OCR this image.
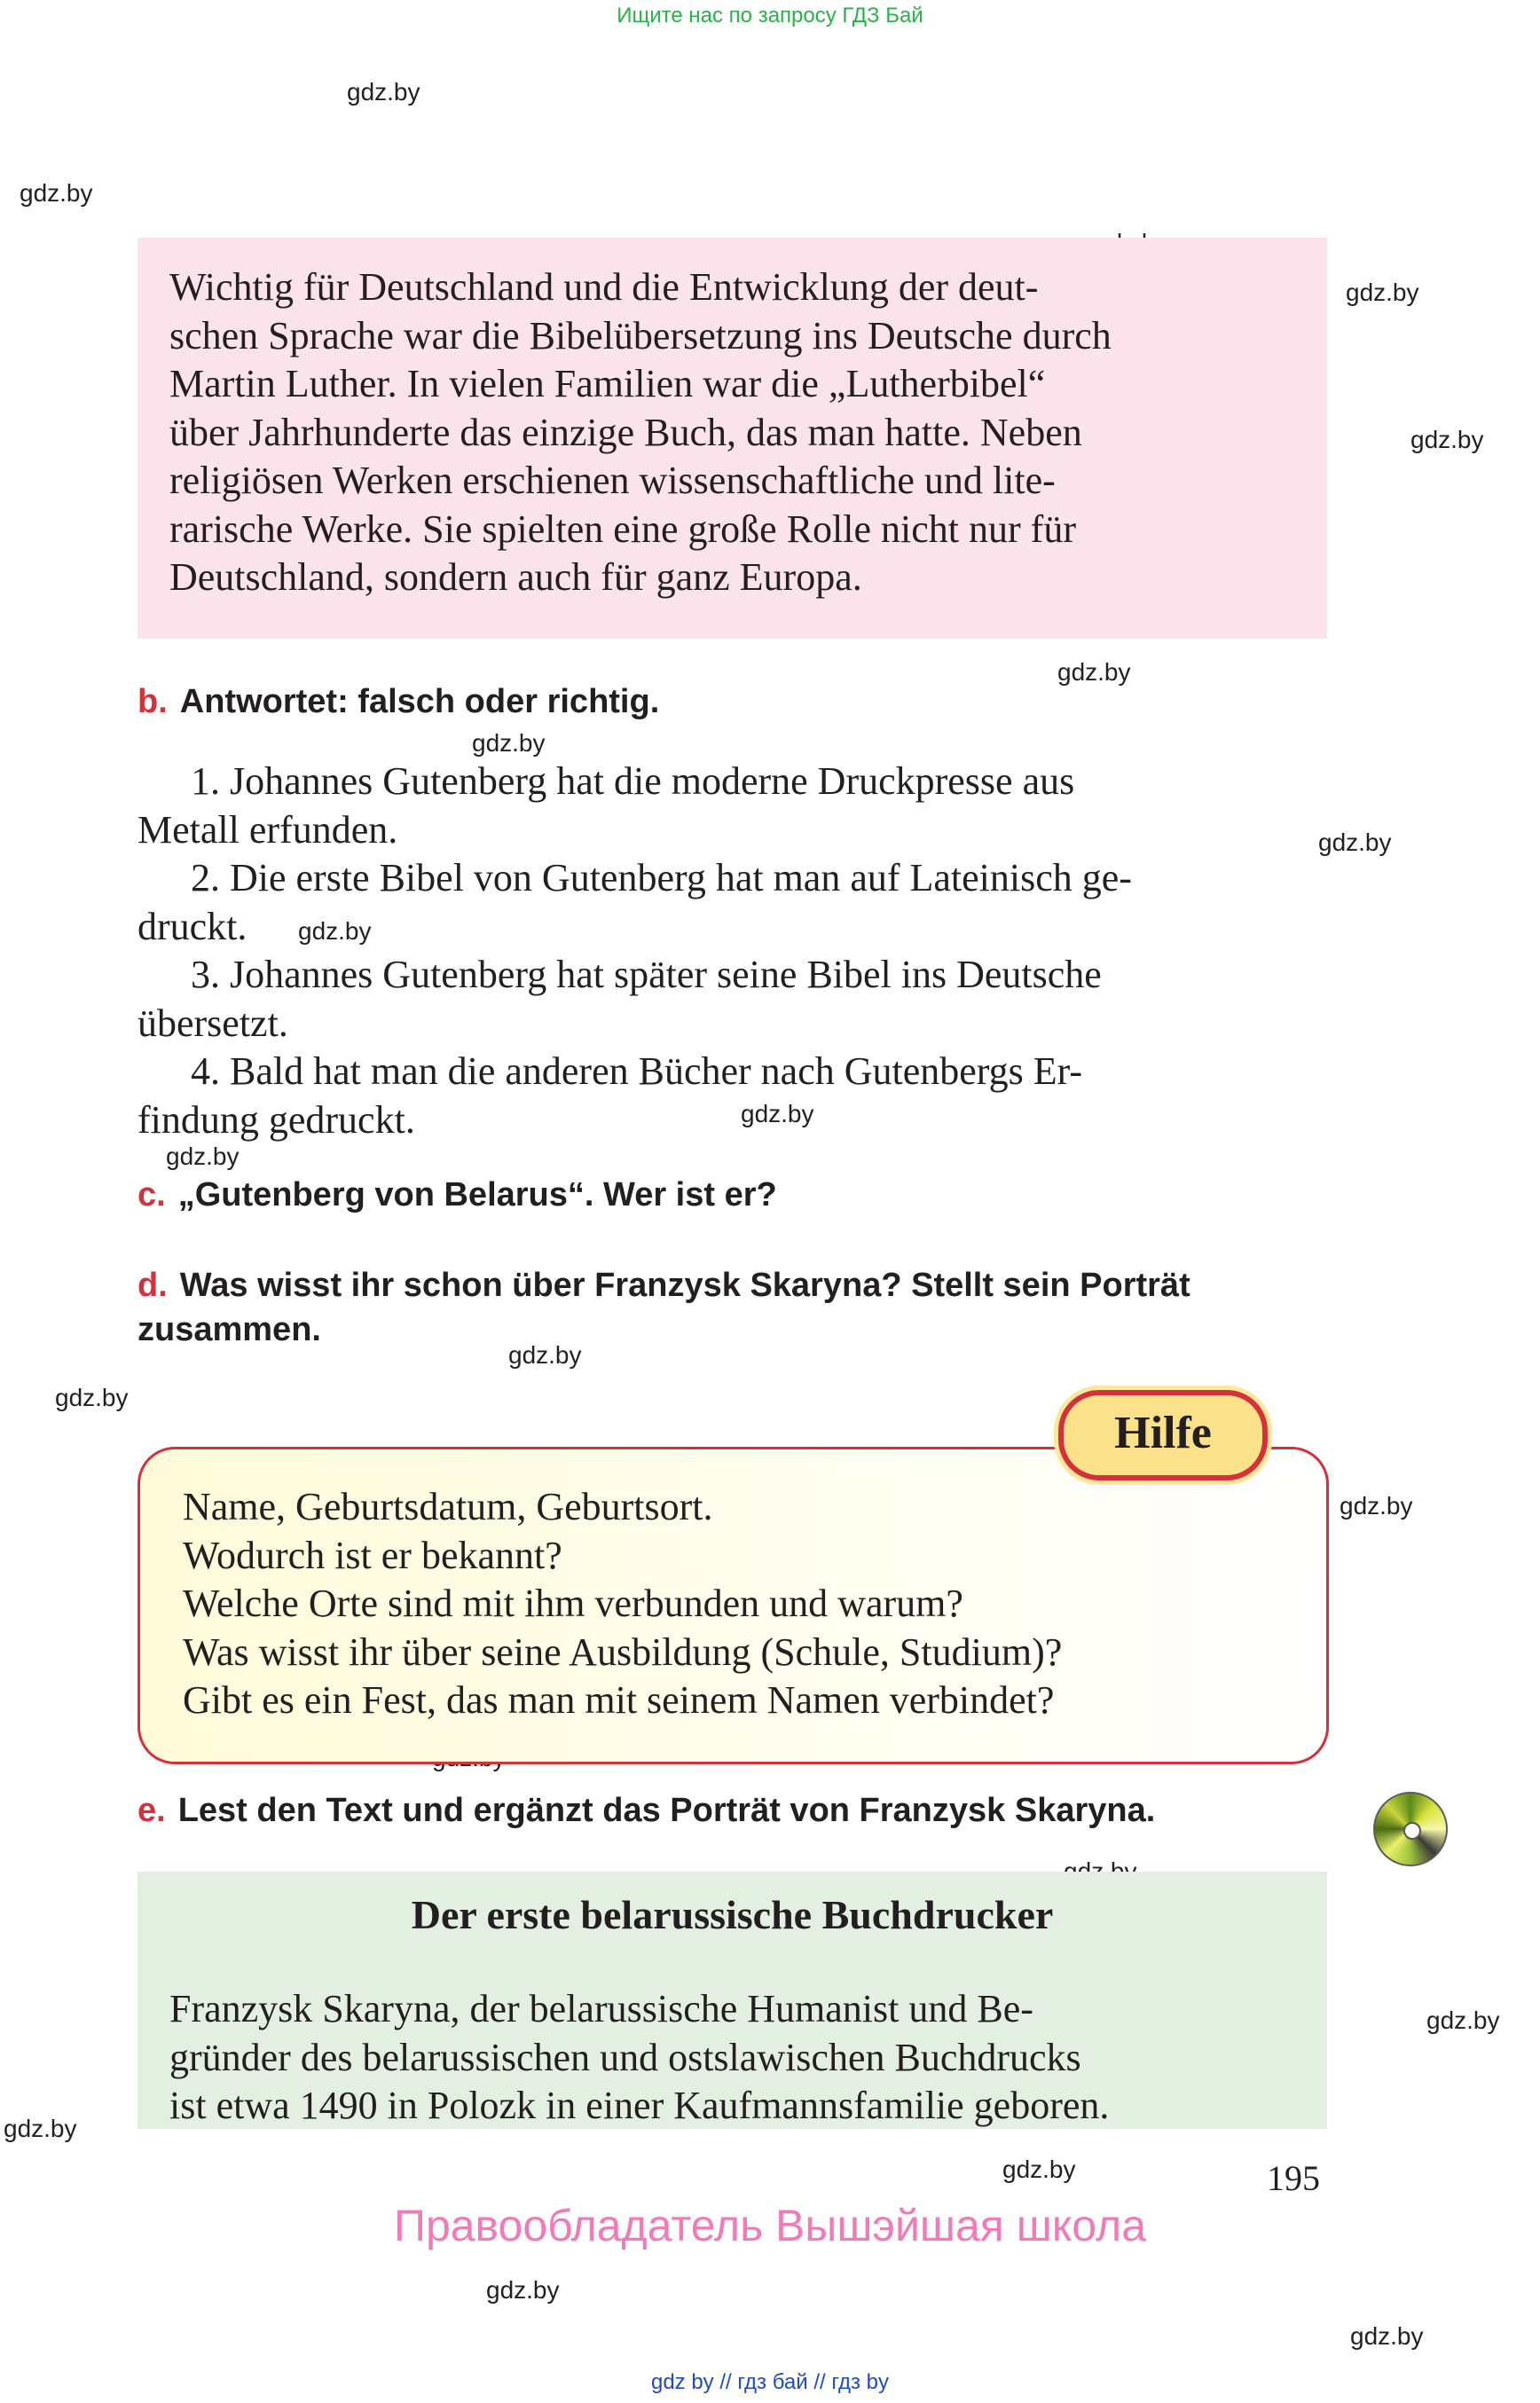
Ищите нас по запросу ГДЗ Бай
gdz.by
gdz.by
gdz.by
gdz.by
gdz.by
gdz.by
gdz.by
gdz.by
gdz.by
gdz.by
gdz.by
gdz.by
gdz.by
gdz.by
gdz.by
gdz.by
gdz.by
gdz.by
Wichtig für Deutschland und die Entwicklung der deut-
schen Sprache war die Bibelübersetzung ins Deutsche durch
Martin Luther. In vielen Familien war die „Lutherbibel“
über Jahrhunderte das einzige Buch, das man hatte. Neben
religiösen Werken erschienen wissenschaftliche und lite-
rarische Werke. Sie spielten eine große Rolle nicht nur für
Deutschland, sondern auch für ganz Europa.
b. Antwortet: falsch oder richtig.
1. Johannes Gutenberg hat die moderne Druckpresse aus
Metall erfunden.
2. Die erste Bibel von Gutenberg hat man auf Lateinisch ge-
druckt.
3. Johannes Gutenberg hat später seine Bibel ins Deutsche
übersetzt.
4. Bald hat man die anderen Bücher nach Gutenbergs Er-
findung gedruckt.
c. „Gutenberg von Belarus“. Wer ist er?
d. Was wisst ihr schon über Franzysk Skaryna? Stellt sein Porträt
zusammen.
Name, Geburtsdatum, Geburtsort.
Wodurch ist er bekannt?
Welche Orte sind mit ihm verbunden und warum?
Was wisst ihr über seine Ausbildung (Schule, Studium)?
Gibt es ein Fest, das man mit seinem Namen verbindet?
Hilfe
e. Lest den Text und ergänzt das Porträt von Franzysk Skaryna.
Der erste belarussische Buchdrucker
Franzysk Skaryna, der belarussische Humanist und Be-
gründer des belarussischen und ostslawischen Buchdrucks
ist etwa 1490 in Polozk in einer Kaufmannsfamilie geboren.
195
Правообладатель Вышэйшая школа
gdz by // гдз бай // гдз by
